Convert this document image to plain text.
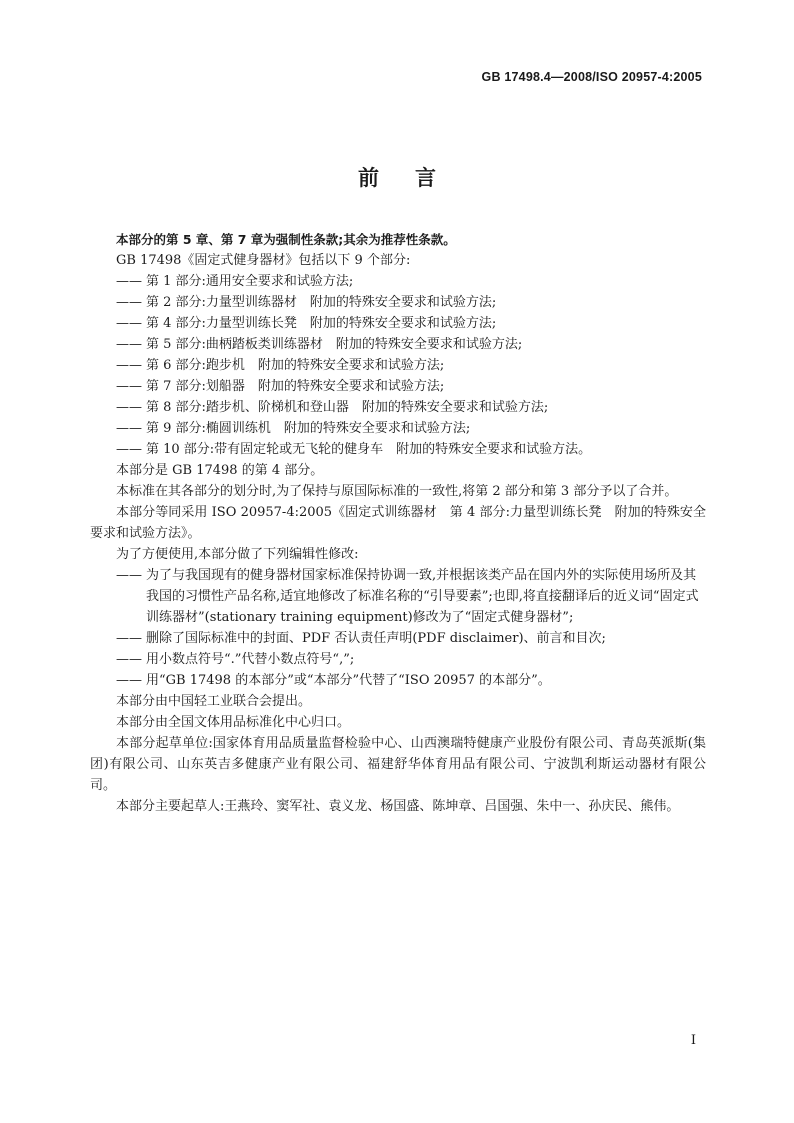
GB 17498.4—2008/ISO 20957-4:2005
前言

本部分的第 5 章、第 7 章为强制性条款;其余为推荐性条款。

GB 17498《固定式健身器材》包括以下 9 个部分:

—— 第 1 部分:通用安全要求和试验方法;

—— 第 2 部分:力量型训练器材　附加的特殊安全要求和试验方法;

—— 第 4 部分:力量型训练长凳　附加的特殊安全要求和试验方法;

—— 第 5 部分:曲柄踏板类训练器材　附加的特殊安全要求和试验方法;

—— 第 6 部分:跑步机　附加的特殊安全要求和试验方法;

—— 第 7 部分:划船器　附加的特殊安全要求和试验方法;

—— 第 8 部分:踏步机、阶梯机和登山器　附加的特殊安全要求和试验方法;

—— 第 9 部分:椭圆训练机　附加的特殊安全要求和试验方法;

—— 第 10 部分:带有固定轮或无飞轮的健身车　附加的特殊安全要求和试验方法。

本部分是 GB 17498 的第 4 部分。

本标准在其各部分的划分时,为了保持与原国际标准的一致性,将第 2 部分和第 3 部分予以了合并。

本部分等同采用 ISO 20957-4:2005《固定式训练器材　第 4 部分:力量型训练长凳　附加的特殊安全要求和试验方法》。

为了方便使用,本部分做了下列编辑性修改:

—— 为了与我国现有的健身器材国家标准保持协调一致,并根据该类产品在国内外的实际使用场所及其我国的习惯性产品名称,适宜地修改了标准名称的“引导要素”;也即,将直接翻译后的近义词“固定式训练器材”(stationary training equipment)修改为了“固定式健身器材”;

—— 删除了国际标准中的封面、PDF 否认责任声明(PDF disclaimer)、前言和目次;

—— 用小数点符号“.”代替小数点符号“,”;

—— 用“GB 17498 的本部分”或“本部分”代替了“ISO 20957 的本部分”。

本部分由中国轻工业联合会提出。

本部分由全国文体用品标准化中心归口。

本部分起草单位:国家体育用品质量监督检验中心、山西澳瑞特健康产业股份有限公司、青岛英派斯(集团)有限公司、山东英吉多健康产业有限公司、福建舒华体育用品有限公司、宁波凯利斯运动器材有限公司。

本部分主要起草人:王燕玲、窦军社、袁义龙、杨国盛、陈坤章、吕国强、朱中一、孙庆民、熊伟。

I
